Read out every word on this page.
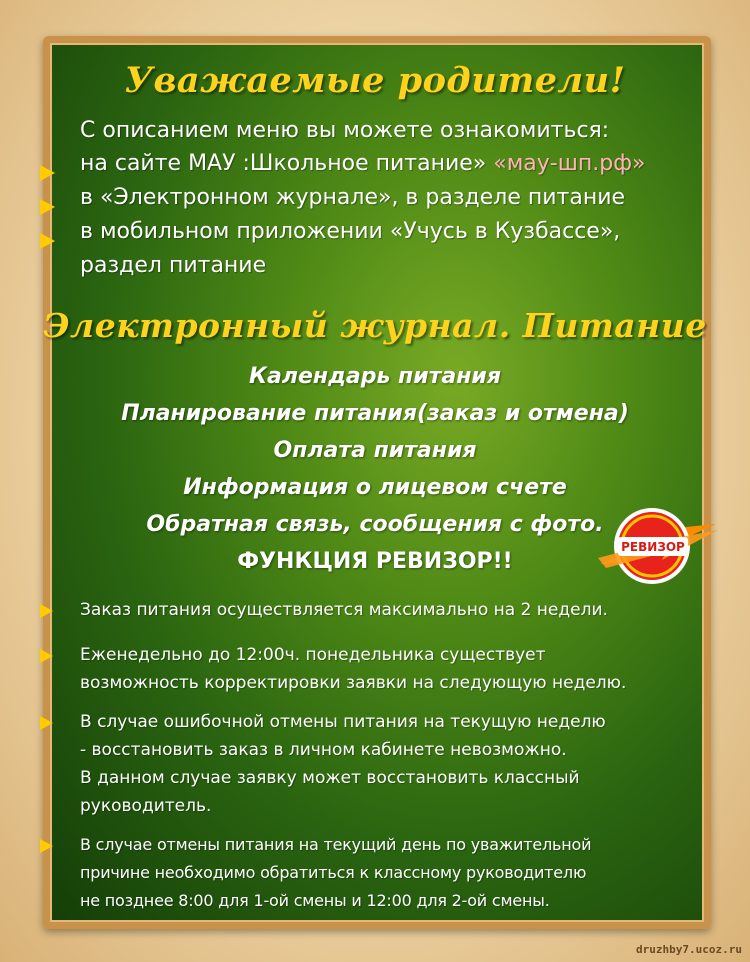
Уважаемые родители!
С описанием меню вы можете ознакомиться:
на сайте МАУ :Школьное питание» «мау-шп.рф»
в «Электронном журнале», в разделе питание
в мобильном приложении «Учусь в Кузбассе»,
раздел питание
Электронный журнал. Питание
Календарь питания
Планирование питания(заказ и отмена)
Оплата питания
Информация о лицевом счете
Обратная связь, сообщения с фото.
ФУНКЦИЯ РЕВИЗОР!!
РЕВИЗОР
Заказ питания осуществляется максимально на 2 недели.
Еженедельно до 12:00ч. понедельника существует
возможность корректировки заявки на следующую неделю.
В случае ошибочной отмены питания на текущую неделю
- восстановить заказ в личном кабинете невозможно.
В данном случае заявку может восстановить классный
руководитель.
В случае отмены питания на текущий день по уважительной
причине необходимо обратиться к классному руководителю
не позднее 8:00 для 1-ой смены и 12:00 для 2-ой смены.
druzhby7.ucoz.ru
